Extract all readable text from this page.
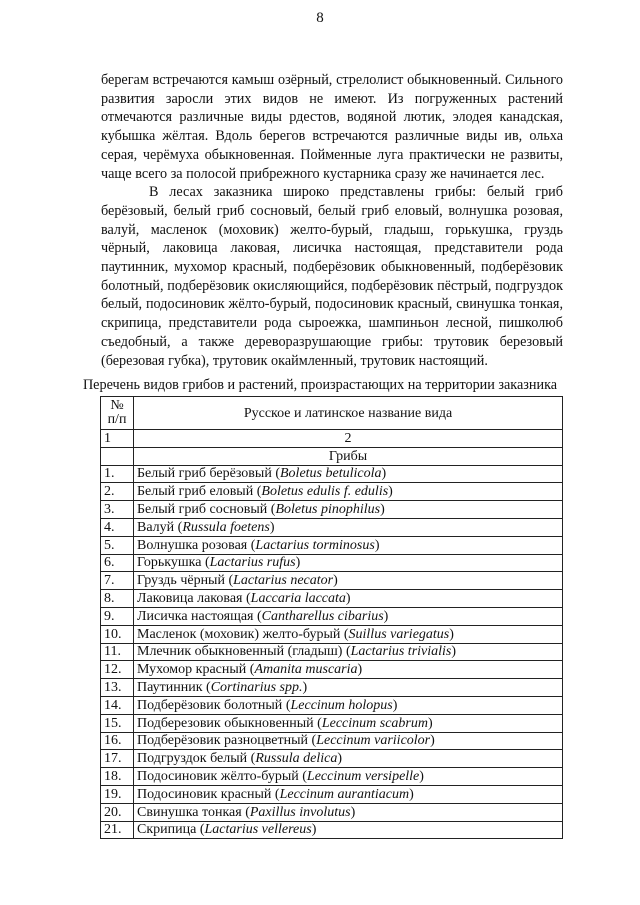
8

берегам встречаются камыш озёрный, стрелолист обыкновенный. Сильного развития заросли этих видов не имеют. Из погруженных растений отмечаются различные виды рдестов, водяной лютик, элодея канадская, кубышка жёлтая. Вдоль берегов встречаются различные виды ив, ольха серая, черёмуха обыкновенная. Пойменные луга практически не развиты, чаще всего за полосой прибрежного кустарника сразу же начинается лес.

В лесах заказника широко представлены грибы: белый гриб берёзовый, белый гриб сосновый, белый гриб еловый, волнушка розовая, валуй, масленок (моховик) желто-бурый, гладыш, горькушка, груздь чёрный, лаковица лаковая, лисичка настоящая, представители рода паутинник, мухомор красный, подберёзовик обыкновенный, подберёзовик болотный, подберёзовик окисляющийся, подберёзовик пёстрый, подгруздок белый, подосиновик жёлто-бурый, подосиновик красный, свинушка тонкая, скрипица, представители рода сыроежка, шампиньон лесной, пишколюб съедобный, а также дереворазрушающие грибы: трутовик березовый (березовая губка), трутовик окаймленный, трутовик настоящий.

Перечень видов грибов и растений, произрастающих на территории заказника
№
п/п	Русское и латинское название вида
1	2
	Грибы
1.	Белый гриб берёзовый (Boletus betulicola)
2.	Белый гриб еловый (Boletus edulis f. edulis)
3.	Белый гриб сосновый (Boletus pinophilus)
4.	Валуй (Russula foetens)
5.	Волнушка розовая (Lactarius torminosus)
6.	Горькушка (Lactarius rufus)
7.	Груздь чёрный (Lactarius necator)
8.	Лаковица лаковая (Laccaria laccata)
9.	Лисичка настоящая (Cantharellus cibarius)
10.	Масленок (моховик) желто-бурый (Suillus variegatus)
11.	Млечник обыкновенный (гладыш) (Lactarius trivialis)
12.	Мухомор красный (Amanita muscaria)
13.	Паутинник (Cortinarius spp.)
14.	Подберёзовик болотный (Leccinum holopus)
15.	Подберезовик обыкновенный (Leccinum scabrum)
16.	Подберёзовик разноцветный (Leccinum variicolor)
17.	Подгруздок белый (Russula delica)
18.	Подосиновик жёлто-бурый (Leccinum versipelle)
19.	Подосиновик красный (Leccinum aurantiacum)
20.	Свинушка тонкая (Paxillus involutus)
21.	Скрипица (Lactarius vellereus)
